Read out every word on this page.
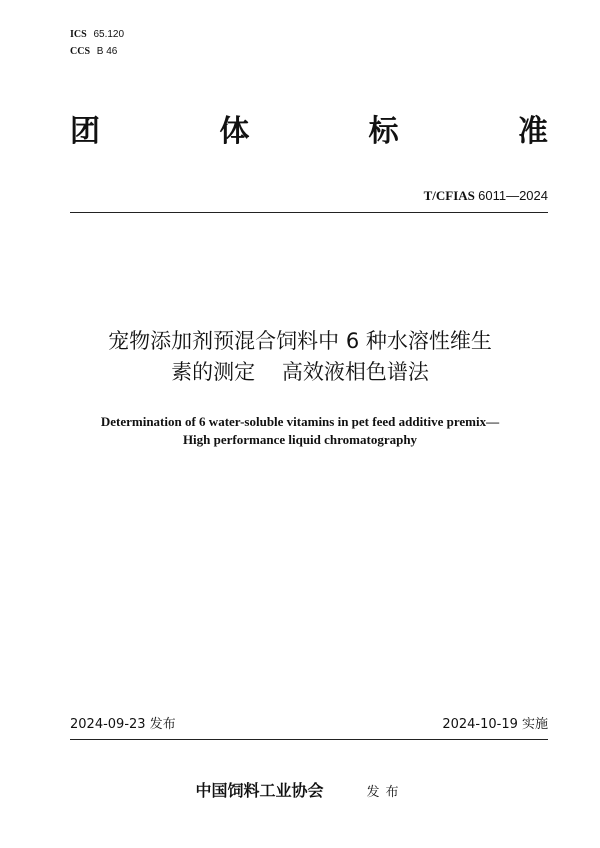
ICS 65.120
CCS B 46
团	体	标	准
T/CFIAS 6011—2024
宠物添加剂预混合饲料中 6 种水溶性维生
素的测定    高效液相色谱法
Determination of 6 water-soluble vitamins in pet feed additive premix—
High performance liquid chromatography
2024-09-23 发布	2024-10-19 实施
中国饲料工业协会	发布
